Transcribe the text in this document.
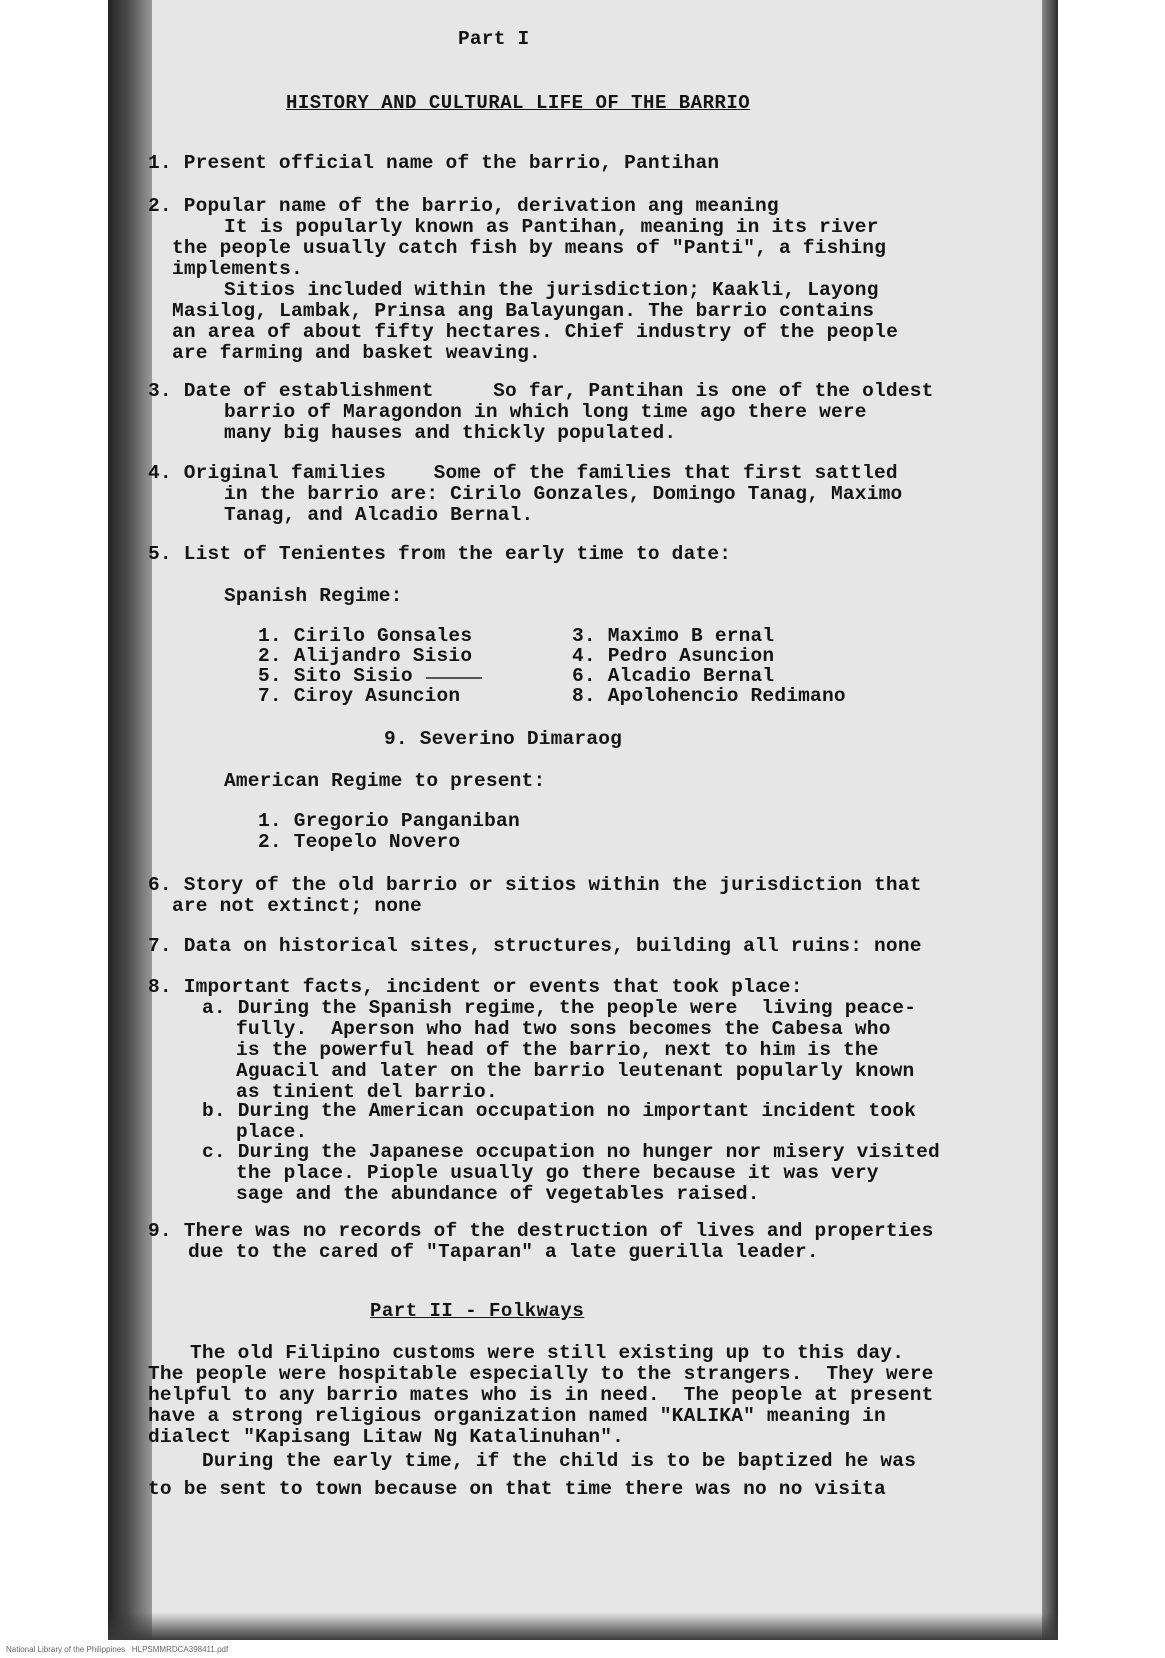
Part I
HISTORY AND CULTURAL LIFE OF THE BARRIO
1. Present official name of the barrio, Pantihan
2. Popular name of the barrio, derivation ang meaning
It is popularly known as Pantihan, meaning in its river
the people usually catch fish by means of "Panti", a fishing
implements.
Sitios included within the jurisdiction; Kaakli, Layong
Masilog, Lambak, Prinsa ang Balayungan. The barrio contains
an area of about fifty hectares. Chief industry of the people
are farming and basket weaving.
3. Date of establishment     So far, Pantihan is one of the oldest
barrio of Maragondon in which long time ago there were
many big hauses and thickly populated.
4. Original families    Some of the families that first sattled
in the barrio are: Cirilo Gonzales, Domingo Tanag, Maximo
Tanag, and Alcadio Bernal.
5. List of Tenientes from the early time to date:
Spanish Regime:
1. Cirilo Gonsales
2. Alijandro Sisio
5. Sito Sisio
7. Ciroy Asuncion
3. Maximo B ernal
4. Pedro Asuncion
6. Alcadio Bernal
8. Apolohencio Redimano
9. Severino Dimaraog
American Regime to present:
1. Gregorio Panganiban
2. Teopelo Novero
6. Story of the old barrio or sitios within the jurisdiction that
are not extinct; none
7. Data on historical sites, structures, building all ruins: none
8. Important facts, incident or events that took place:
a. During the Spanish regime, the people were  living peace-
fully.  Aperson who had two sons becomes the Cabesa who
is the powerful head of the barrio, next to him is the
Aguacil and later on the barrio leutenant popularly known
as tinient del barrio.
b. During the American occupation no important incident took
place.
c. During the Japanese occupation no hunger nor misery visited
the place. Piople usually go there because it was very
sage and the abundance of vegetables raised.
9. There was no records of the destruction of lives and properties
due to the cared of "Taparan" a late guerilla leader.
Part II - Folkways
The old Filipino customs were still existing up to this day.
The people were hospitable especially to the strangers.  They were
helpful to any barrio mates who is in need.  The people at present
have a strong religious organization named "KALIKA" meaning in
dialect "Kapisang Litaw Ng Katalinuhan".
During the early time, if the child is to be baptized he was
to be sent to town because on that time there was no no visita
National Library of the Philippines   HLPSMMRDCA398411.pdf
